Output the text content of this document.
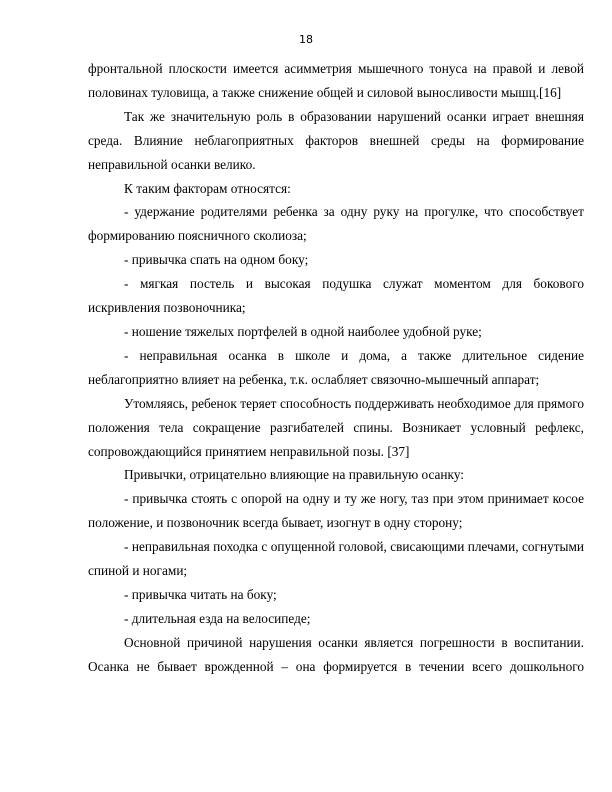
18

фронтальной плоскости имеется асимметрия мышечного тонуса на правой и левой половинах туловища, а также снижение общей и силовой выносливости мышц.[16]

Так же значительную роль в образовании нарушений осанки играет внешняя среда. Влияние неблагоприятных факторов внешней среды на формирование неправильной осанки велико.

К таким факторам относятся:

- удержание родителями ребенка за одну руку на прогулке, что способствует формированию поясничного сколиоза;

- привычка спать на одном боку;

- мягкая постель и высокая подушка служат моментом для бокового искривления позвоночника;

- ношение тяжелых портфелей в одной наиболее удобной руке;

- неправильная осанка в школе и дома, а также длительное сидение неблагоприятно влияет на ребенка, т.к. ослабляет связочно-мышечный аппарат;

Утомляясь, ребенок теряет способность поддерживать необходимое для прямого положения тела сокращение разгибателей спины. Возникает условный рефлекс, сопровождающийся принятием неправильной позы. [37]

Привычки, отрицательно влияющие на правильную осанку:

- привычка стоять с опорой на одну и ту же ногу, таз при этом принимает косое положение, и позвоночник всегда бывает, изогнут в одну сторону;

- неправильная походка с опущенной головой, свисающими плечами, согнутыми спиной и ногами;

- привычка читать на боку;

- длительная езда на велосипеде;

Основной причиной нарушения осанки является погрешности в воспитании. Осанка не бывает врожденной – она формируется в течении всего дошкольного
